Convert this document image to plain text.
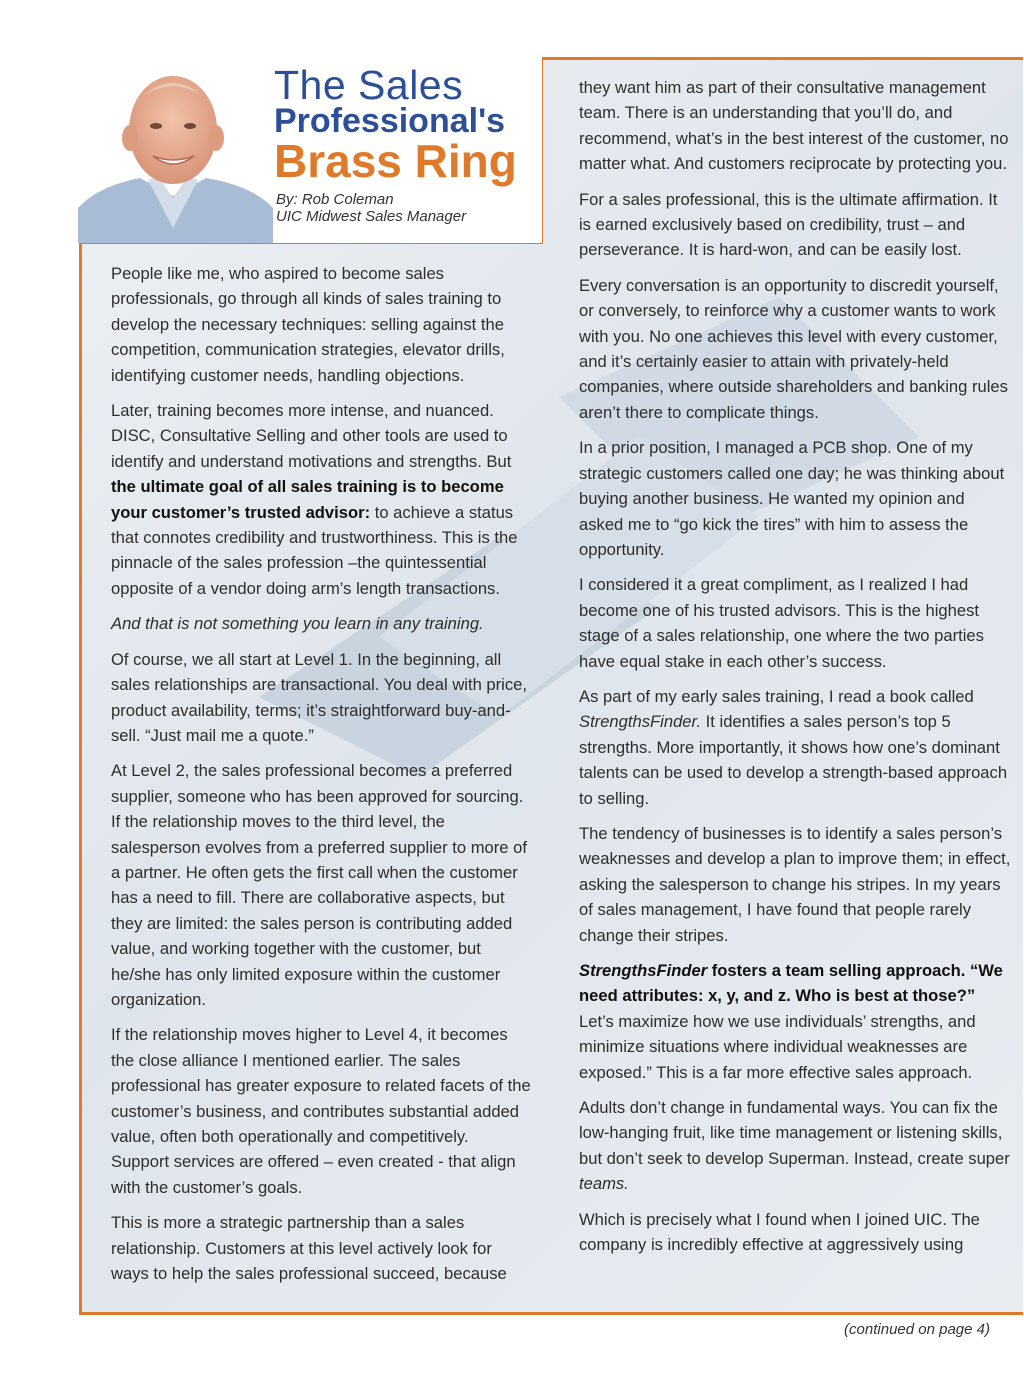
The Sales
Professional's
Brass Ring
By: Rob Coleman
UIC Midwest Sales Manager

People like me, who aspired to become sales professionals, go through all kinds of sales training to develop the necessary techniques: selling against the competition, communication strategies, elevator drills, identifying customer needs, handling objections.

Later, training becomes more intense, and nuanced. DISC, Consultative Selling and other tools are used to identify and understand motivations and strengths. But the ultimate goal of all sales training is to become your customer’s trusted advisor: to achieve a status that connotes credibility and trustworthiness. This is the pinnacle of the sales profession –the quintessential opposite of a vendor doing arm’s length transactions.

And that is not something you learn in any training.

Of course, we all start at Level 1. In the beginning, all sales relationships are transactional. You deal with price, product availability, terms; it’s straightforward buy-and-sell. “Just mail me a quote.”

At Level 2, the sales professional becomes a preferred supplier, someone who has been approved for sourcing. If the relationship moves to the third level, the salesperson evolves from a preferred supplier to more of a partner. He often gets the first call when the customer has a need to fill. There are collaborative aspects, but they are limited: the sales person is contributing added value, and working together with the customer, but he/she has only limited exposure within the customer organization.

If the relationship moves higher to Level 4, it becomes the close alliance I mentioned earlier. The sales professional has greater exposure to related facets of the customer’s business, and contributes substantial added value, often both operationally and competitively. Support services are offered – even created - that align with the customer’s goals.

This is more a strategic partnership than a sales relationship. Customers at this level actively look for ways to help the sales professional succeed, because

they want him as part of their consultative management team. There is an understanding that you’ll do, and recommend, what’s in the best interest of the customer, no matter what. And customers reciprocate by protecting you.

For a sales professional, this is the ultimate affirmation. It is earned exclusively based on credibility, trust – and perseverance. It is hard-won, and can be easily lost.

Every conversation is an opportunity to discredit yourself, or conversely, to reinforce why a customer wants to work with you. No one achieves this level with every customer, and it’s certainly easier to attain with privately-held companies, where outside shareholders and banking rules aren’t there to complicate things.

In a prior position, I managed a PCB shop. One of my strategic customers called one day; he was thinking about buying another business. He wanted my opinion and asked me to “go kick the tires” with him to assess the opportunity.

I considered it a great compliment, as I realized I had become one of his trusted advisors. This is the highest stage of a sales relationship, one where the two parties have equal stake in each other’s success.

As part of my early sales training, I read a book called StrengthsFinder. It identifies a sales person’s top 5 strengths. More importantly, it shows how one’s dominant talents can be used to develop a strength-based approach to selling.

The tendency of businesses is to identify a sales person’s weaknesses and develop a plan to improve them; in effect, asking the salesperson to change his stripes. In my years of sales management, I have found that people rarely change their stripes.

StrengthsFinder fosters a team selling approach. “We need attributes: x, y, and z. Who is best at those?” Let’s maximize how we use individuals’ strengths, and minimize situations where individual weaknesses are exposed.” This is a far more effective sales approach.

Adults don’t change in fundamental ways. You can fix the low-hanging fruit, like time management or listening skills, but don’t seek to develop Superman. Instead, create super teams.

Which is precisely what I found when I joined UIC. The company is incredibly effective at aggressively using

(continued on page 4)
